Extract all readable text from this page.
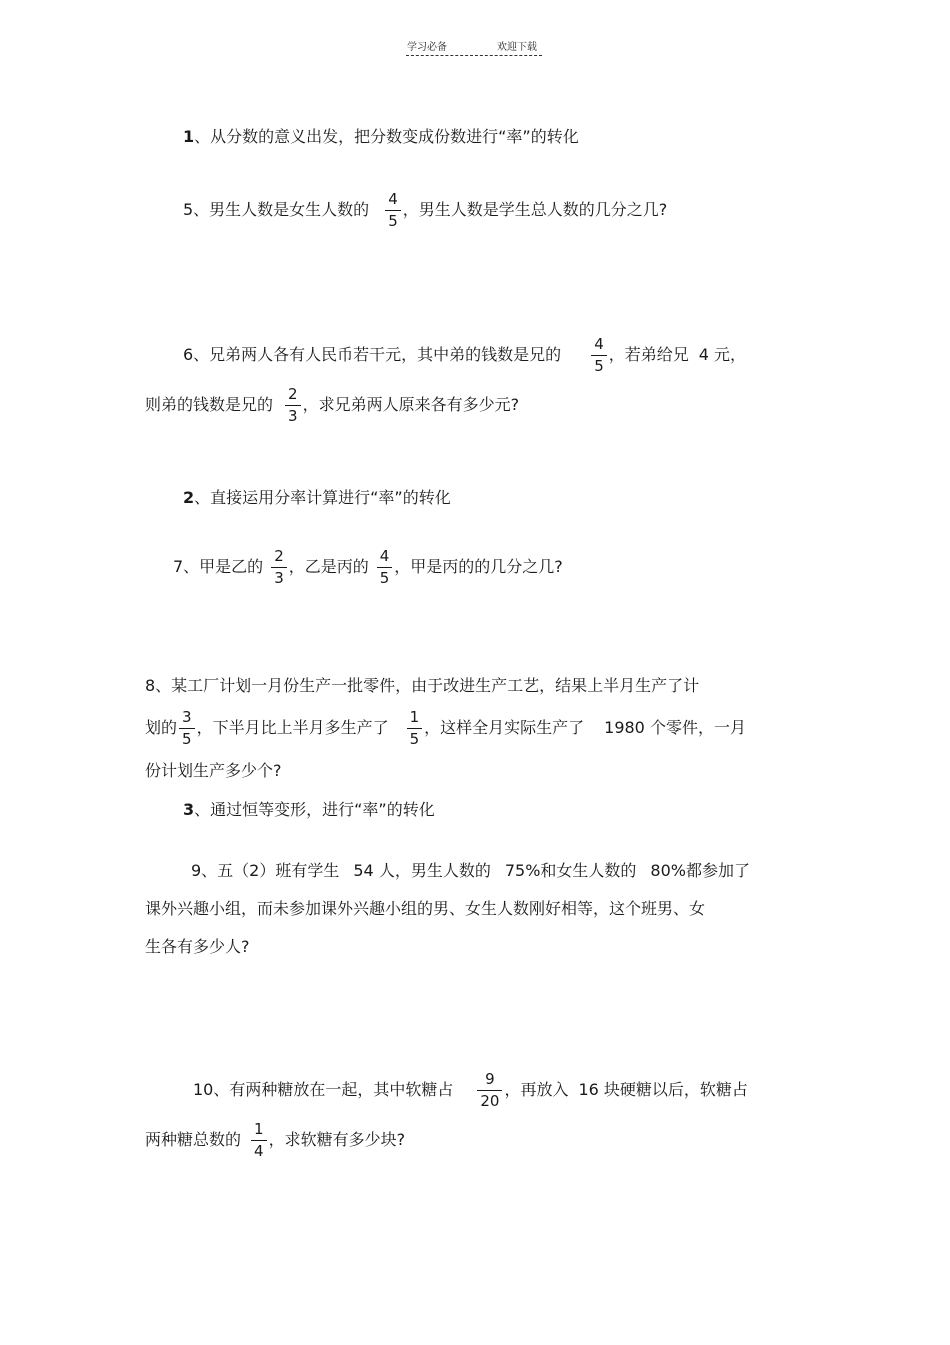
学习必备	欢迎下载
1 、从分数的意义出发，把分数变成份数进行“率”的转化
5、男生人数是女生人数的 $\frac{4}{5}$ ，男生人数是学生总人数的几分之几?
6、兄弟两人各有人民币若干元，其中弟的钱数是兄的 $\frac{4}{5}$ ，若弟给兄 4 元，
则弟的钱数是兄的 $\frac{2}{3}$ ，求兄弟两人原来各有多少元?
2 、直接运用分率计算进行“率”的转化
7、甲是乙的 $\frac{2}{3}$ ，乙是丙的 $\frac{4}{5}$ ，甲是丙的的几分之几?
8、某工厂计划一月份生产一批零件，由于改进生产工艺，结果上半月生产了计
划的 $\frac{3}{5}$ ，下半月比上半月多生产了 $\frac{1}{5}$ ，这样全月实际生产了 1980 个零件，一月
份计划生产多少个?
3 、通过恒等变形，进行“率”的转化
9、五（2）班有学生 54 人，男生人数的 75%和女生人数的 80%都参加了
课外兴趣小组，而未参加课外兴趣小组的男、女生人数刚好相等，这个班男、女
生各有多少人?
10、有两种糖放在一起，其中软糖占 $\frac{9}{20}$ ，再放入 16 块硬糖以后，软糖占
两种糖总数的 $\frac{1}{4}$ ，求软糖有多少块?
